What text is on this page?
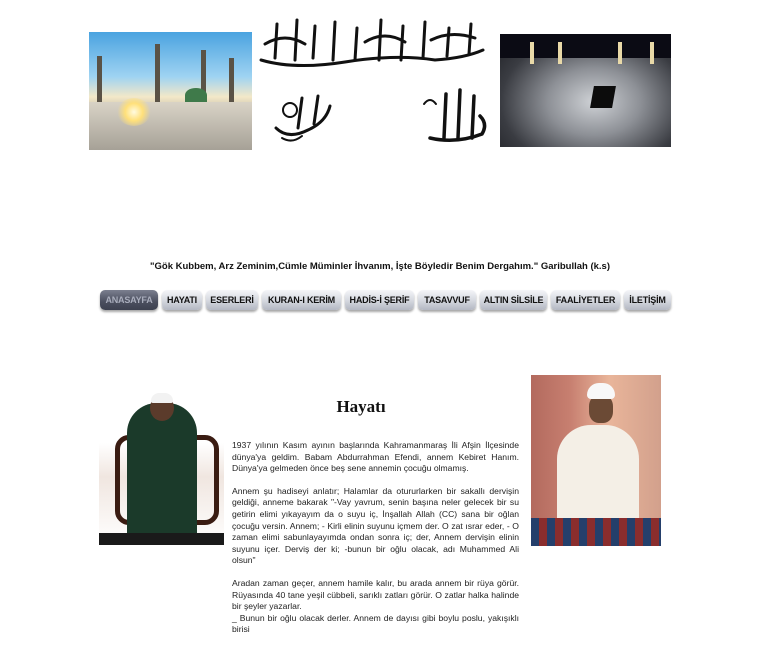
"Gök Kubbem, Arz Zeminim,Cümle Müminler İhvanım, İşte Böyledir Benim Dergahım." Garibullah (k.s)
ANASAYFA	HAYATI	ESERLERİ	KURAN-I KERİM	HADİS-İ ŞERİF	TASAVVUF	ALTIN SİLSİLE	FAALİYETLER	İLETİŞİM
Hayatı

1937 yılının Kasım ayının başlarında Kahramanmaraş İli Afşin İlçesinde dünya'ya geldim. Babam Abdurrahman Efendi, annem Kebiret Hanım. Dünya'ya gelmeden önce beş sene annemin çocuğu olmamış.

Annem şu hadiseyi anlatır; Halamlar da otururlarken bir sakallı dervişin geldiği, anneme bakarak "-Vay yavrum, senin başına neler gelecek bir su getirin elimi yıkayayım da o suyu iç, İnşallah Allah (CC) sana bir oğlan çocuğu versin. Annem; - Kirli elinin suyunu içmem der. O zat ısrar eder, - O zaman elimi sabunlayayımda ondan sonra iç; der, Annem dervişin elinin suyunu içer. Derviş der ki; -bunun bir oğlu olacak, adı Muhammed Ali olsun"

Aradan zaman geçer, annem hamile kalır, bu arada annem bir rüya görür. Rüyasında 40 tane yeşil cübbeli, sarıklı zatları görür. O zatlar halka halinde bir şeyler yazarlar.

_ Bunun bir oğlu olacak derler. Annem de dayısı gibi boylu poslu, yakışıklı birisi
